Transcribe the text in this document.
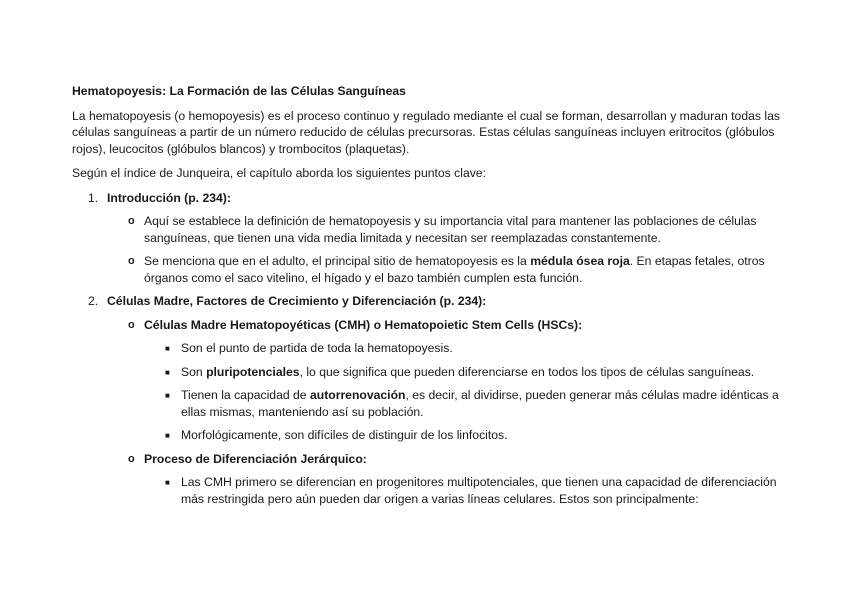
Hematopoyesis: La Formación de las Células Sanguíneas

La hematopoyesis (o hemopoyesis) es el proceso continuo y regulado mediante el cual se forman, desarrollan y maduran todas las células sanguíneas a partir de un número reducido de células precursoras. Estas células sanguíneas incluyen eritrocitos (glóbulos rojos), leucocitos (glóbulos blancos) y trombocitos (plaquetas).

Según el índice de Junqueira, el capítulo aborda los siguientes puntos clave:

1. Introducción (p. 234):
o Aquí se establece la definición de hematopoyesis y su importancia vital para mantener las poblaciones de células sanguíneas, que tienen una vida media limitada y necesitan ser reemplazadas constantemente.
o Se menciona que en el adulto, el principal sitio de hematopoyesis es la médula ósea roja. En etapas fetales, otros órganos como el saco vitelino, el hígado y el bazo también cumplen esta función.
2. Células Madre, Factores de Crecimiento y Diferenciación (p. 234):
o Células Madre Hematopoyéticas (CMH) o Hematopoietic Stem Cells (HSCs):
■ Son el punto de partida de toda la hematopoyesis.
■ Son pluripotenciales, lo que significa que pueden diferenciarse en todos los tipos de células sanguíneas.
■ Tienen la capacidad de autorrenovación, es decir, al dividirse, pueden generar más células madre idénticas a ellas mismas, manteniendo así su población.
■ Morfológicamente, son difíciles de distinguir de los linfocitos.
o Proceso de Diferenciación Jerárquico:
■ Las CMH primero se diferencian en progenitores multipotenciales, que tienen una capacidad de diferenciación más restringida pero aún pueden dar origen a varias líneas celulares. Estos son principalmente:
